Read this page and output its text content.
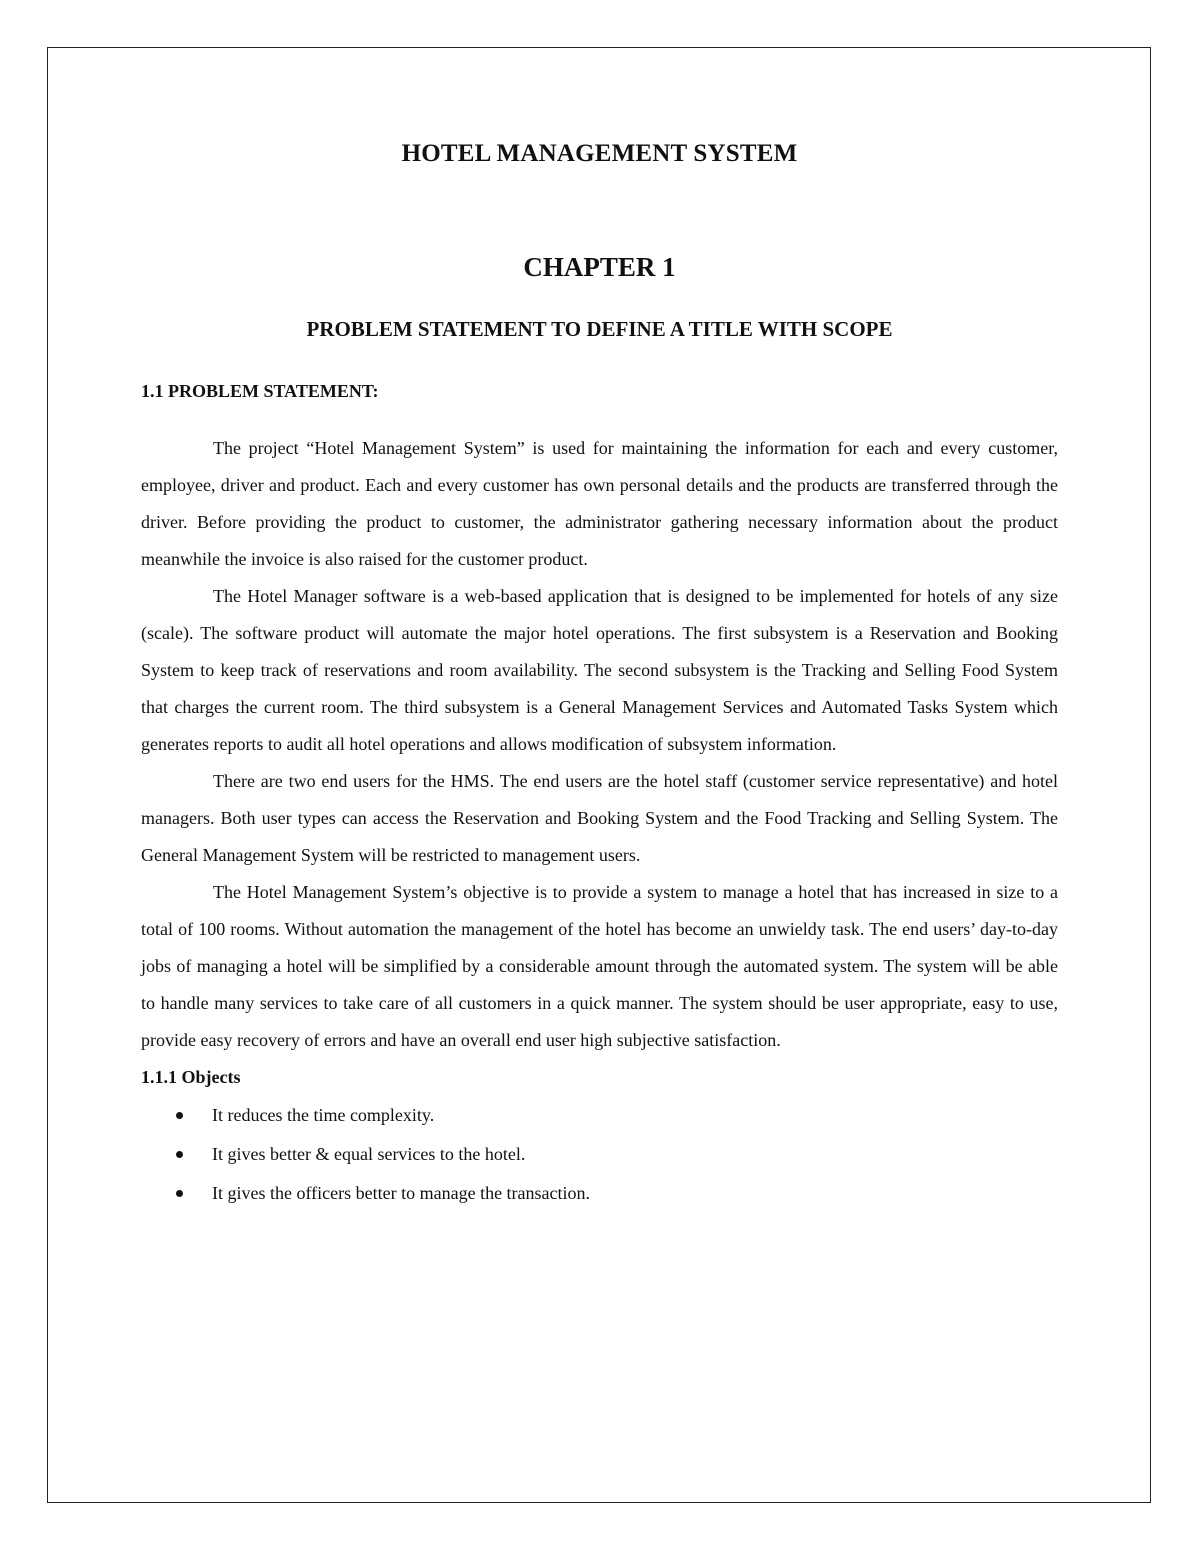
HOTEL MANAGEMENT SYSTEM
CHAPTER 1
PROBLEM STATEMENT TO DEFINE A TITLE WITH SCOPE
1.1 PROBLEM STATEMENT:

The project “Hotel Management System” is used for maintaining the information for each and every customer, employee, driver and product. Each and every customer has own personal details and the products are transferred through the driver. Before providing the product to customer, the administrator gathering necessary information about the product meanwhile the invoice is also raised for the customer product.

The Hotel Manager software is a web-based application that is designed to be implemented for hotels of any size (scale). The software product will automate the major hotel operations. The first subsystem is a Reservation and Booking System to keep track of reservations and room availability. The second subsystem is the Tracking and Selling Food System that charges the current room. The third subsystem is a General Management Services and Automated Tasks System which generates reports to audit all hotel operations and allows modification of subsystem information.

There are two end users for the HMS. The end users are the hotel staff (customer service representative) and hotel managers. Both user types can access the Reservation and Booking System and the Food Tracking and Selling System. The General Management System will be restricted to management users.

The Hotel Management System’s objective is to provide a system to manage a hotel that has increased in size to a total of 100 rooms. Without automation the management of the hotel has become an unwieldy task. The end users’ day-to-day jobs of managing a hotel will be simplified by a considerable amount through the automated system. The system will be able to handle many services to take care of all customers in a quick manner. The system should be user appropriate, easy to use, provide easy recovery of errors and have an overall end user high subjective satisfaction.

1.1.1 Objects
It reduces the time complexity.
It gives better & equal services to the hotel.
It gives the officers better to manage the transaction.
